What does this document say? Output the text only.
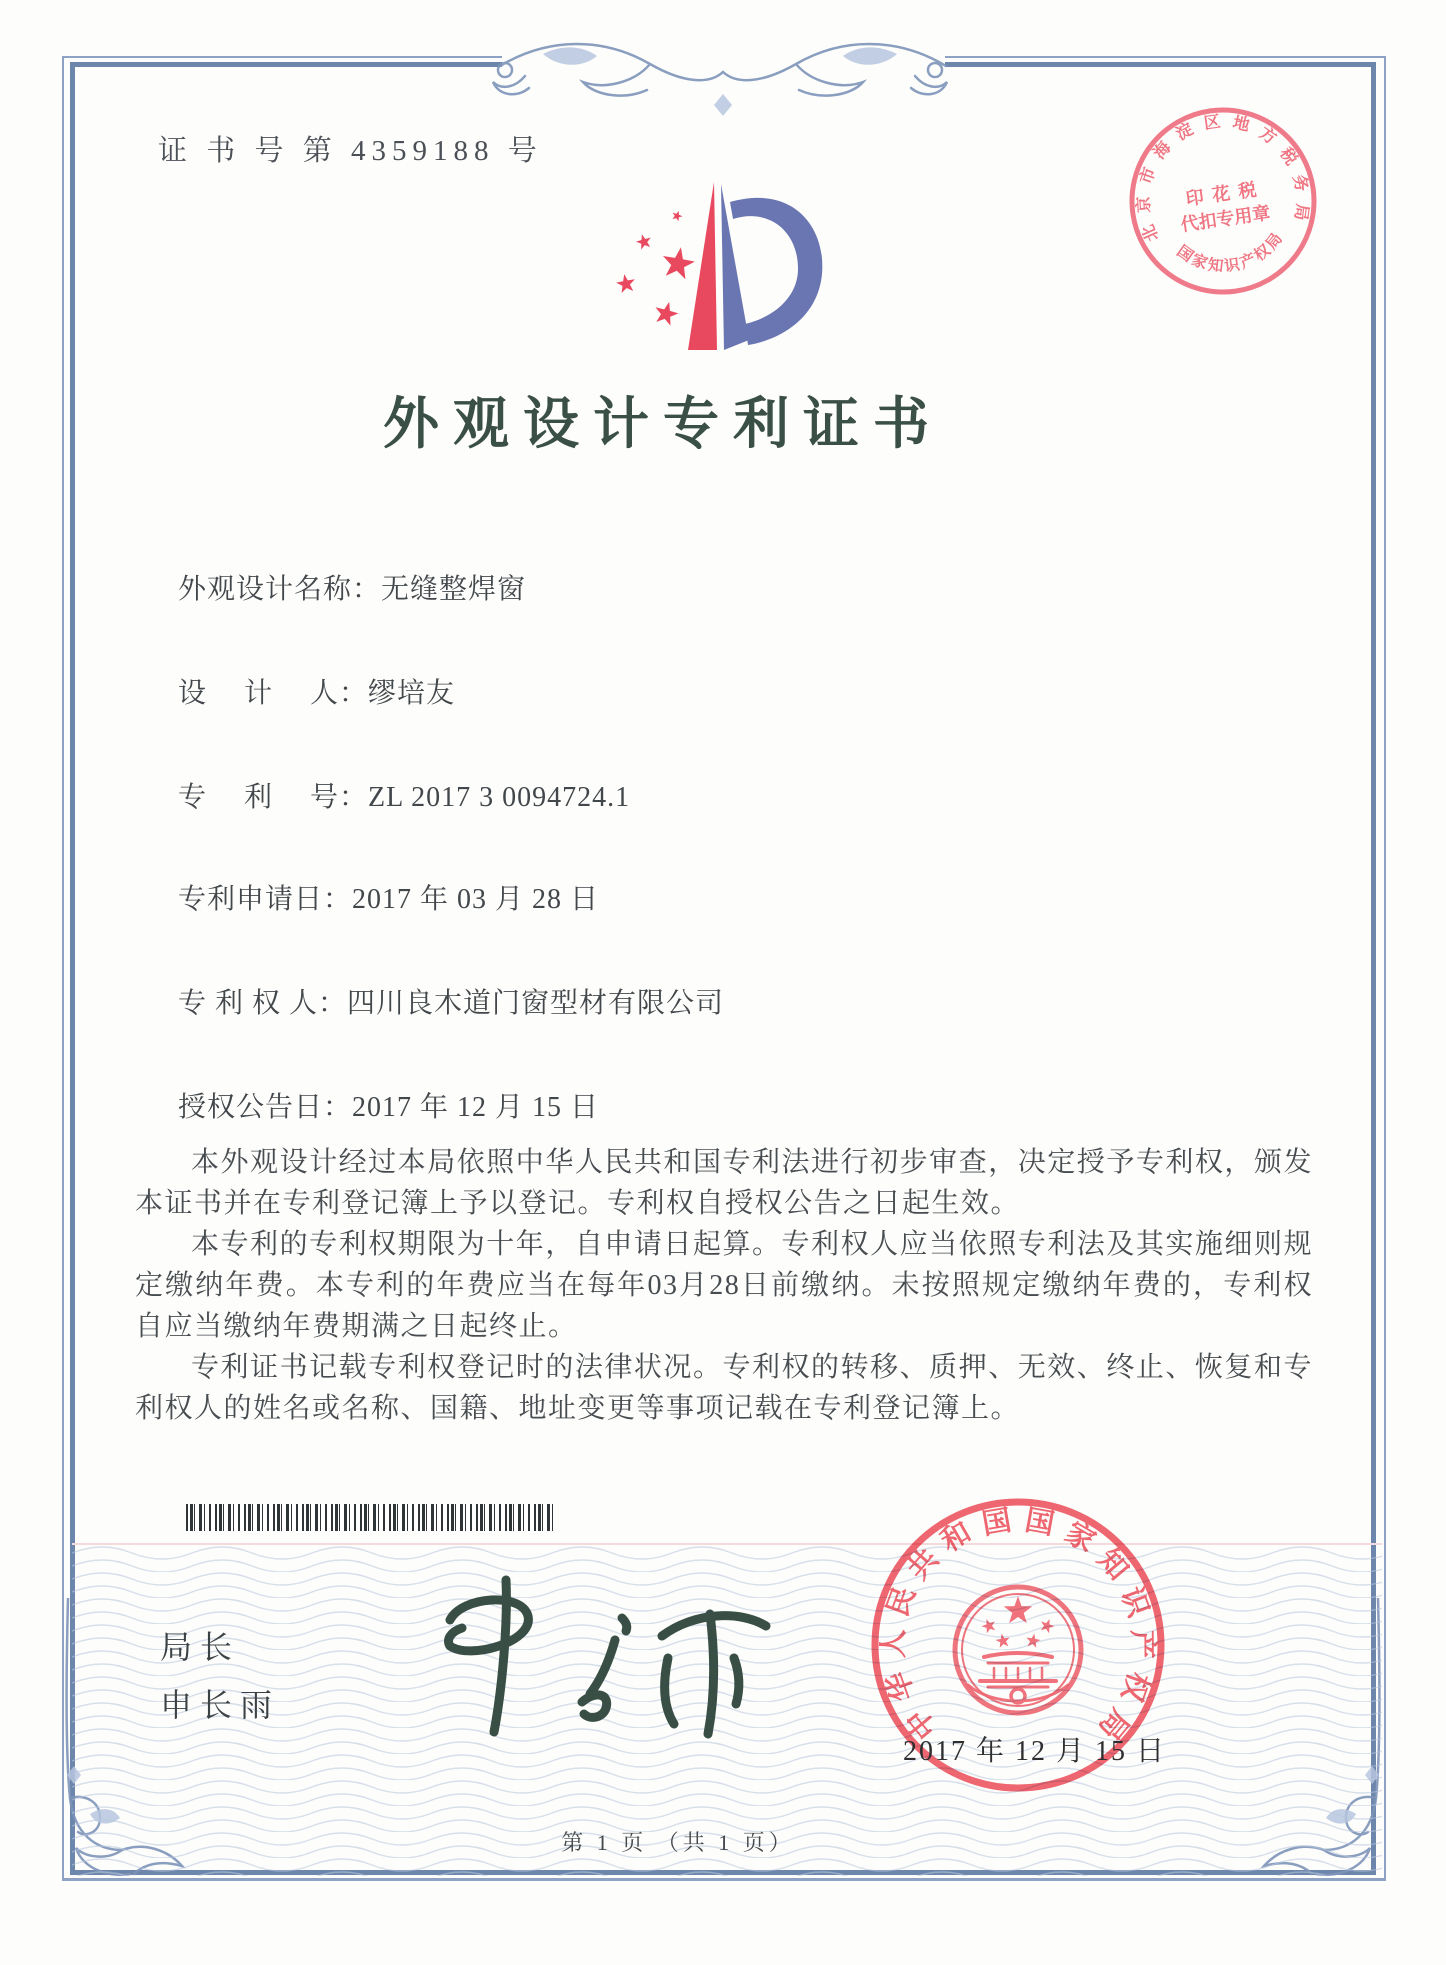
证 书 号 第 4359188 号
北京市海淀区地方税务局
国家知识产权局
印 花 税
代扣专用章
外观设计专利证书
外观设计名称：无缝整焊窗
设　 计　 人：缪培友
专　 利　 号：ZL 2017 3 0094724.1
专利申请日：2017 年 03 月 28 日
专 利 权 人：四川良木道门窗型材有限公司
授权公告日：2017 年 12 月 15 日

本外观设计经过本局依照中华人民共和国专利法进行初步审查，决定授予专利权，颁发本证书并在专利登记簿上予以登记。专利权自授权公告之日起生效。

本专利的专利权期限为十年，自申请日起算。专利权人应当依照专利法及其实施细则规定缴纳年费。本专利的年费应当在每年03月28日前缴纳。未按照规定缴纳年费的，专利权自应当缴纳年费期满之日起终止。

专利证书记载专利权登记时的法律状况。专利权的转移、质押、无效、终止、恢复和专利权人的姓名或名称、国籍、地址变更等事项记载在专利登记簿上。

局长
申长雨	中华人民共和国国家知识产权局
2017 年 12 月 15 日
第 1 页 （共 1 页）
